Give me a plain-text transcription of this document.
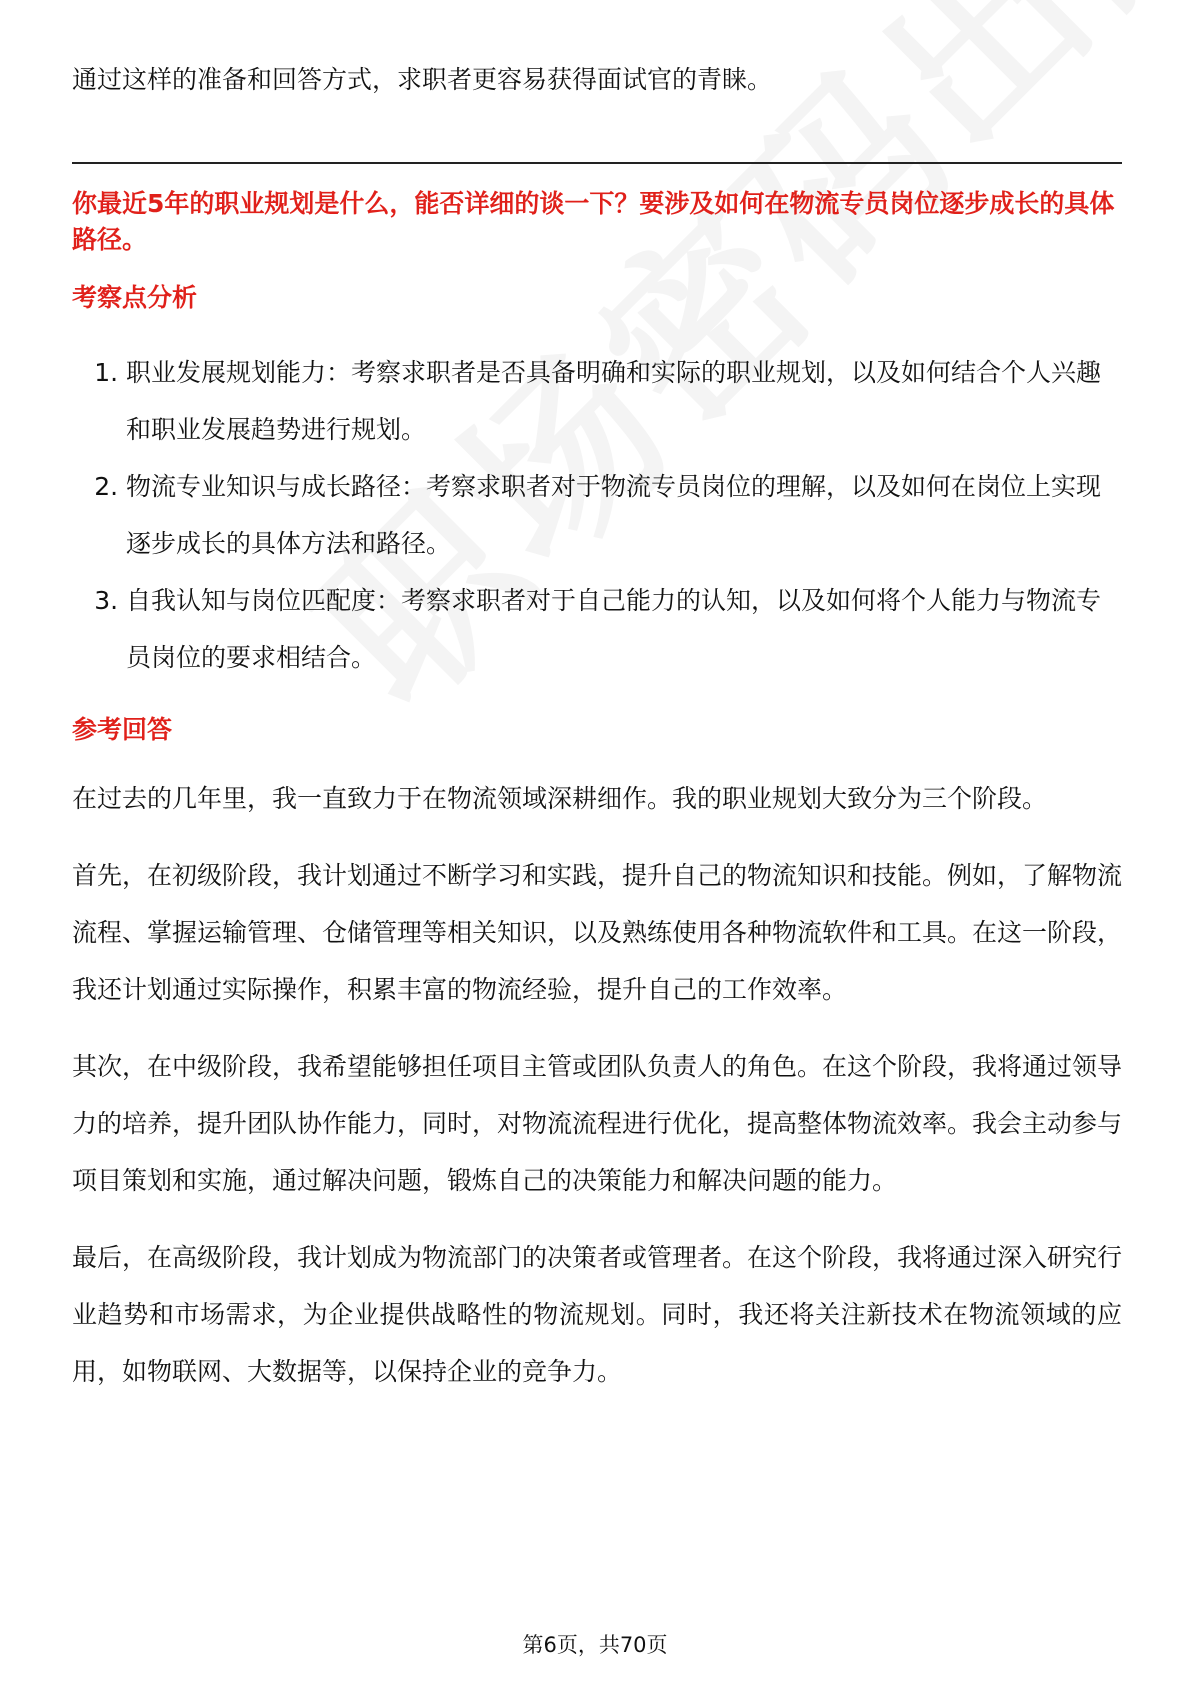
通过这样的准备和回答方式，求职者更容易获得面试官的青睐。

你最近5年的职业规划是什么，能否详细的谈一下？要涉及如何在物流专员岗位逐步成长的具体路径。
考察点分析
1. 职业发展规划能力：考察求职者是否具备明确和实际的职业规划，以及如何结合个人兴趣和职业发展趋势进行规划。
2. 物流专业知识与成长路径：考察求职者对于物流专员岗位的理解，以及如何在岗位上实现逐步成长的具体方法和路径。
3. 自我认知与岗位匹配度：考察求职者对于自己能力的认知，以及如何将个人能力与物流专员岗位的要求相结合。
参考回答

在过去的几年里，我一直致力于在物流领域深耕细作。我的职业规划大致分为三个阶段。

首先，在初级阶段，我计划通过不断学习和实践，提升自己的物流知识和技能。例如，了解物流流程、掌握运输管理、仓储管理等相关知识，以及熟练使用各种物流软件和工具。在这一阶段，我还计划通过实际操作，积累丰富的物流经验，提升自己的工作效率。

其次，在中级阶段，我希望能够担任项目主管或团队负责人的角色。在这个阶段，我将通过领导力的培养，提升团队协作能力，同时，对物流流程进行优化，提高整体物流效率。我会主动参与项目策划和实施，通过解决问题，锻炼自己的决策能力和解决问题的能力。

最后，在高级阶段，我计划成为物流部门的决策者或管理者。在这个阶段，我将通过深入研究行业趋势和市场需求，为企业提供战略性的物流规划。同时，我还将关注新技术在物流领域的应用，如物联网、大数据等，以保持企业的竞争力。

第6页，共70页
